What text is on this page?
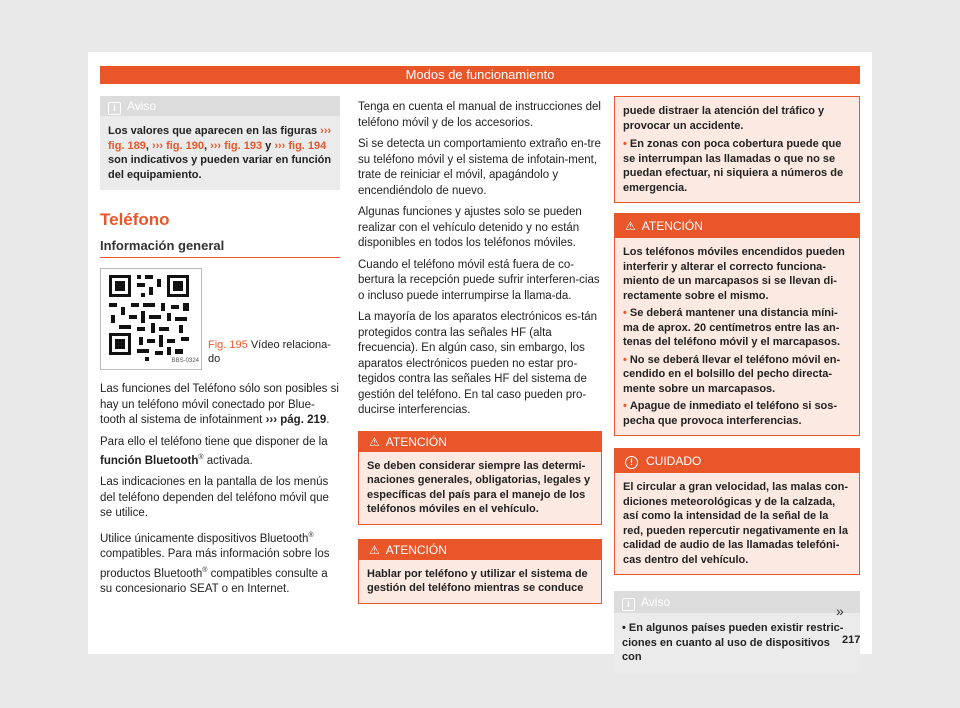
Modos de funcionamiento
i Aviso
Los valores que aparecen en las figuras ››› fig. 189, ››› fig. 190, ››› fig. 193 y ››› fig. 194 son indicativos y pueden variar en función del equipamiento.
Teléfono
Información general
BBS-0324
Fig. 195 Vídeo relaciona-do

Las funciones del Teléfono sólo son posibles si hay un teléfono móvil conectado por Blue-tooth al sistema de infotainment ››› pág. 219.

Para ello el teléfono tiene que disponer de la función Bluetooth® activada.

Las indicaciones en la pantalla de los menús del teléfono dependen del teléfono móvil que se utilice.

Utilice únicamente dispositivos Bluetooth® compatibles. Para más información sobre los productos Bluetooth® compatibles consulte a su concesionario SEAT o en Internet.

Tenga en cuenta el manual de instrucciones del teléfono móvil y de los accesorios.

Si se detecta un comportamiento extraño en-tre su teléfono móvil y el sistema de infotain-ment, trate de reiniciar el móvil, apagándolo y encendiéndolo de nuevo.

Algunas funciones y ajustes solo se pueden realizar con el vehículo detenido y no están disponibles en todos los teléfonos móviles.

Cuando el teléfono móvil está fuera de co-bertura la recepción puede sufrir interferen-cias o incluso puede interrumpirse la llama-da.

La mayoría de los aparatos electrónicos es-tán protegidos contra las señales HF (alta frecuencia). En algún caso, sin embargo, los aparatos electrónicos pueden no estar pro-tegidos contra las señales HF del sistema de gestión del teléfono. En tal caso pueden pro-ducirse interferencias.

⚠ ATENCIÓN
Se deben considerar siempre las determi-naciones generales, obligatorias, legales y específicas del país para el manejo de los teléfonos móviles en el vehículo.
⚠ ATENCIÓN
Hablar por teléfono y utilizar el sistema de gestión del teléfono mientras se conduce
puede distraer la atención del tráfico y provocar un accidente.
• En zonas con poca cobertura puede que se interrumpan las llamadas o que no se puedan efectuar, ni siquiera a números de emergencia.
⚠ ATENCIÓN
Los teléfonos móviles encendidos pueden interferir y alterar el correcto funciona-miento de un marcapasos si se llevan di-rectamente sobre el mismo.
• Se deberá mantener una distancia míni-ma de aprox. 20 centímetros entre las an-tenas del teléfono móvil y el marcapasos.
• No se deberá llevar el teléfono móvil en-cendido en el bolsillo del pecho directa-mente sobre un marcapasos.
• Apague de inmediato el teléfono si sos-pecha que provoca interferencias.
! CUIDADO
El circular a gran velocidad, las malas con-diciones meteorológicas y de la calzada, así como la intensidad de la señal de la red, pueden repercutir negativamente en la calidad de audio de las llamadas telefóni-cas dentro del vehículo.
i Aviso
• En algunos países pueden existir restric-ciones en cuanto al uso de dispositivos con
»
217
